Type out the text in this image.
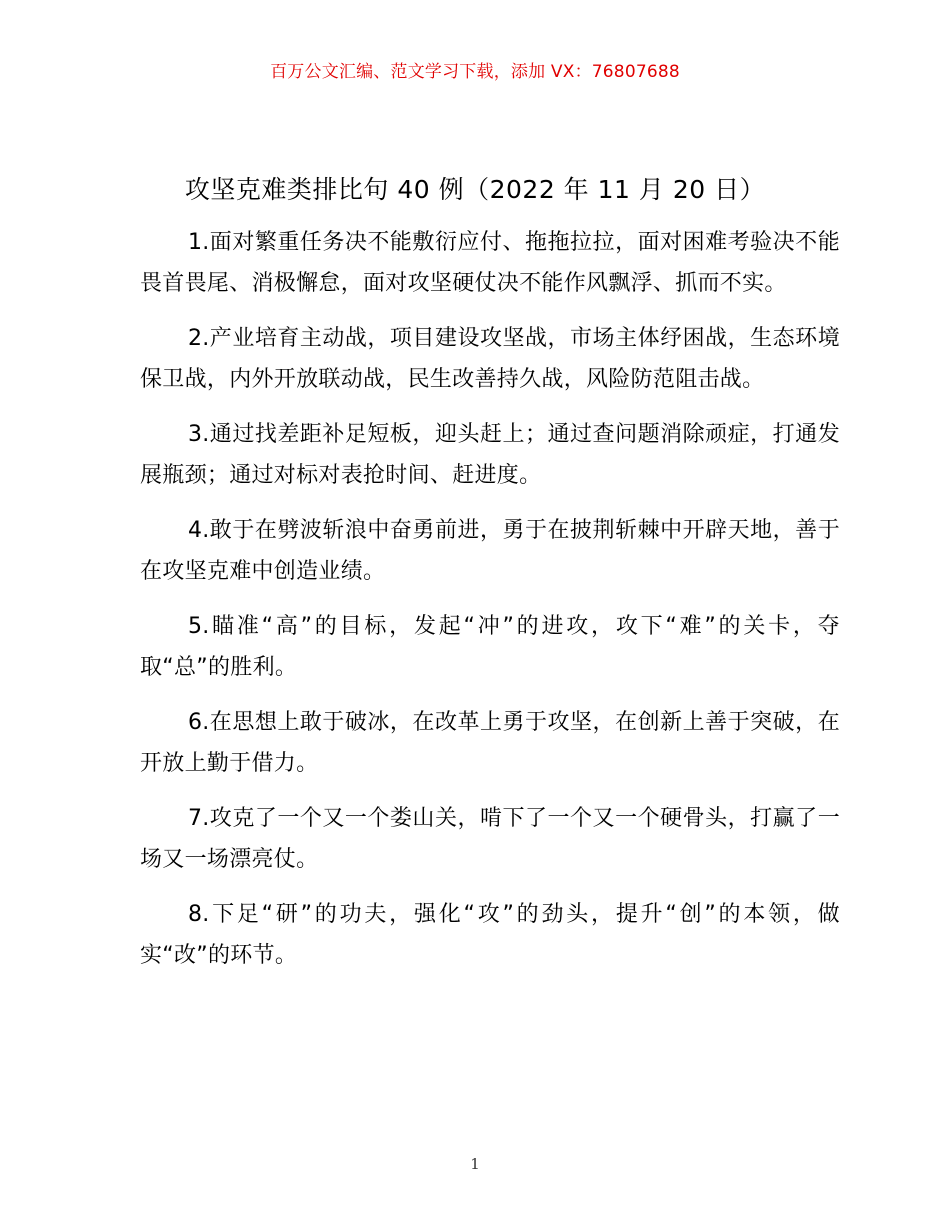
百万公文汇编、范文学习下载，添加 VX：76807688
攻坚克难类排比句 40 例（2022 年 11 月 20 日）

1.面对繁重任务决不能敷衍应付、拖拖拉拉，面对困难考验决不能畏首畏尾、消极懈怠，面对攻坚硬仗决不能作风飘浮、抓而不实。

2.产业培育主动战，项目建设攻坚战，市场主体纾困战，生态环境保卫战，内外开放联动战，民生改善持久战，风险防范阻击战。

3.通过找差距补足短板，迎头赶上；通过查问题消除顽症，打通发展瓶颈；通过对标对表抢时间、赶进度。

4.敢于在劈波斩浪中奋勇前进，勇于在披荆斩棘中开辟天地，善于在攻坚克难中创造业绩。

5.瞄准“高”的目标，发起“冲”的进攻，攻下“难”的关卡，夺取“总”的胜利。

6.在思想上敢于破冰，在改革上勇于攻坚，在创新上善于突破，在开放上勤于借力。

7.攻克了一个又一个娄山关，啃下了一个又一个硬骨头，打赢了一场又一场漂亮仗。

8.下足“研”的功夫，强化“攻”的劲头，提升“创”的本领，做实“改”的环节。

1
